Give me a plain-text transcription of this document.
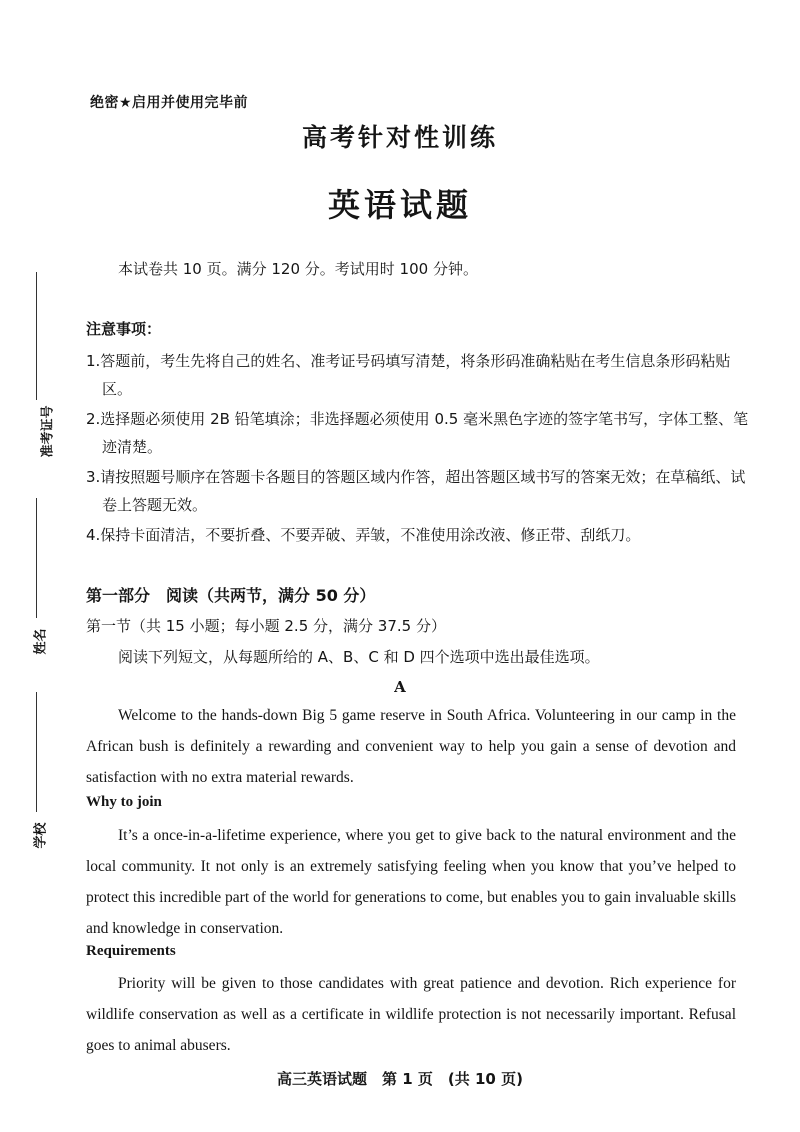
准考证号
姓名
学校
绝密★启用并使用完毕前
高考针对性训练
英语试题
本试卷共 10 页。满分 120 分。考试用时 100 分钟。
注意事项：
1.答题前，考生先将自己的姓名、准考证号码填写清楚，将条形码准确粘贴在考生信息条形码粘贴区。
2.选择题必须使用 2B 铅笔填涂；非选择题必须使用 0.5 毫米黑色字迹的签字笔书写，字体工整、笔迹清楚。
3.请按照题号顺序在答题卡各题目的答题区域内作答，超出答题区域书写的答案无效；在草稿纸、试卷上答题无效。
4.保持卡面清洁，不要折叠、不要弄破、弄皱，不准使用涂改液、修正带、刮纸刀。
第一部分　阅读（共两节，满分 50 分）
第一节（共 15 小题；每小题 2.5 分，满分 37.5 分）
阅读下列短文，从每题所给的 A、B、C 和 D 四个选项中选出最佳选项。
A
Welcome to the hands-down Big 5 game reserve in South Africa. Volunteering in our camp in the African bush is definitely a rewarding and convenient way to help you gain a sense of devotion and satisfaction with no extra material rewards.
Why to join
It’s a once-in-a-lifetime experience, where you get to give back to the natural environment and the local community. It not only is an extremely satisfying feeling when you know that you’ve helped to protect this incredible part of the world for generations to come, but enables you to gain invaluable skills and knowledge in conservation.
Requirements
Priority will be given to those candidates with great patience and devotion. Rich experience for wildlife conservation as well as a certificate in wildlife protection is not necessarily important. Refusal goes to animal abusers.
高三英语试题　第 1 页　(共 10 页)
